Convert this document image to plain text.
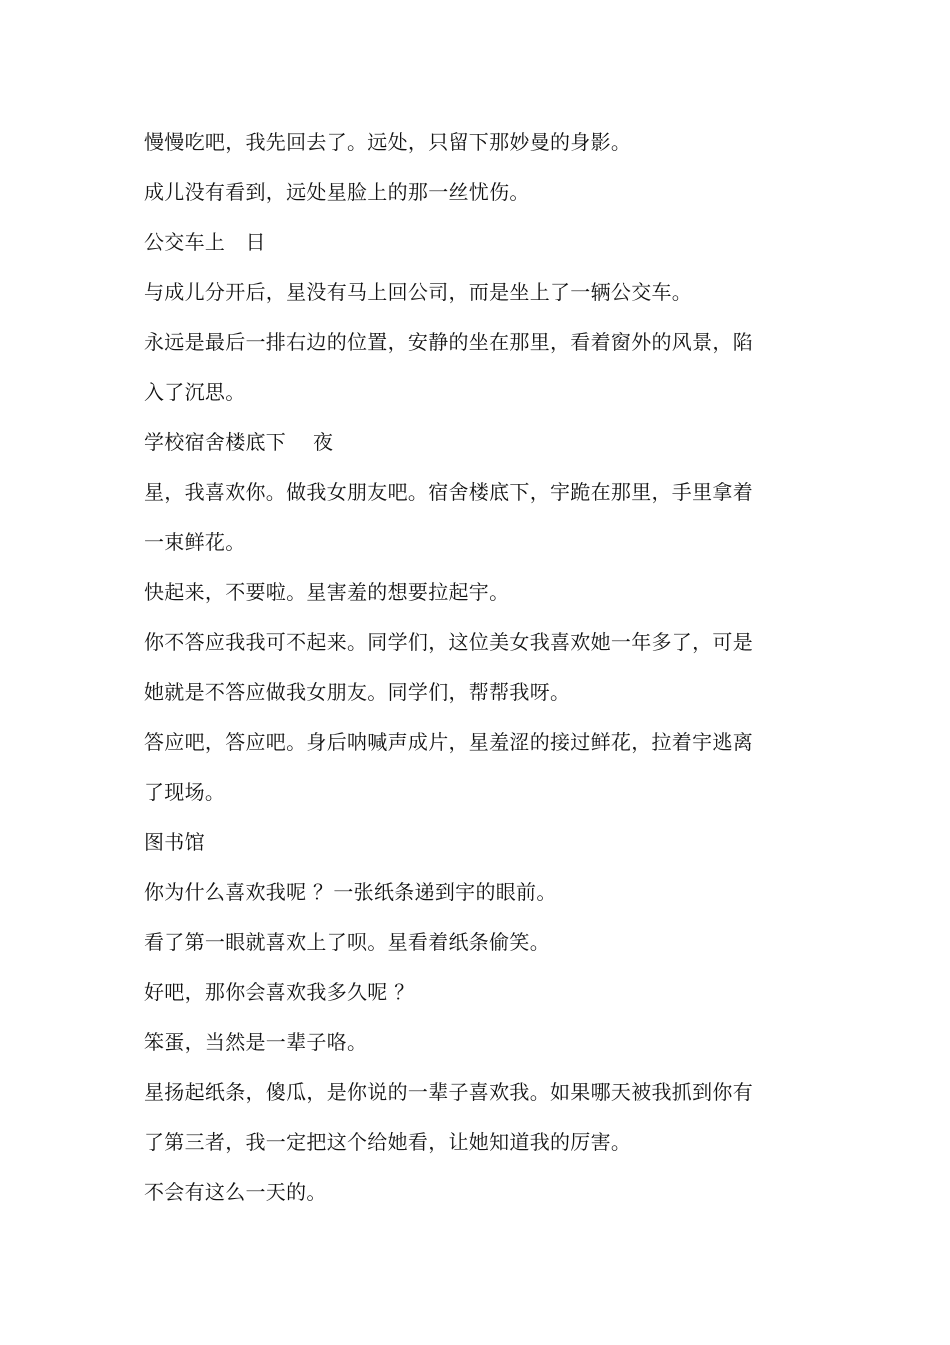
慢慢吃吧，我先回去了。远处，只留下那妙曼的身影。
成儿没有看到，远处星脸上的那一丝忧伤。
公交车上　日
与成儿分开后，星没有马上回公司，而是坐上了一辆公交车。
永远是最后一排右边的位置，安静的坐在那里，看着窗外的风景，陷
入了沉思。
学校宿舍楼底下　 夜
星，我喜欢你。做我女朋友吧。宿舍楼底下，宇跪在那里，手里拿着
一束鲜花。
快起来，不要啦。星害羞的想要拉起宇。
你不答应我我可不起来。同学们，这位美女我喜欢她一年多了，可是
她就是不答应做我女朋友。同学们，帮帮我呀。
答应吧，答应吧。身后呐喊声成片，星羞涩的接过鲜花，拉着宇逃离
了现场。
图书馆
你为什么喜欢我呢 ？一张纸条递到宇的眼前。
看了第一眼就喜欢上了呗。星看着纸条偷笑。
好吧，那你会喜欢我多久呢 ？
笨蛋，当然是一辈子咯。
星扬起纸条，傻瓜，是你说的一辈子喜欢我。如果哪天被我抓到你有
了第三者，我一定把这个给她看，让她知道我的厉害。
不会有这么一天的。
